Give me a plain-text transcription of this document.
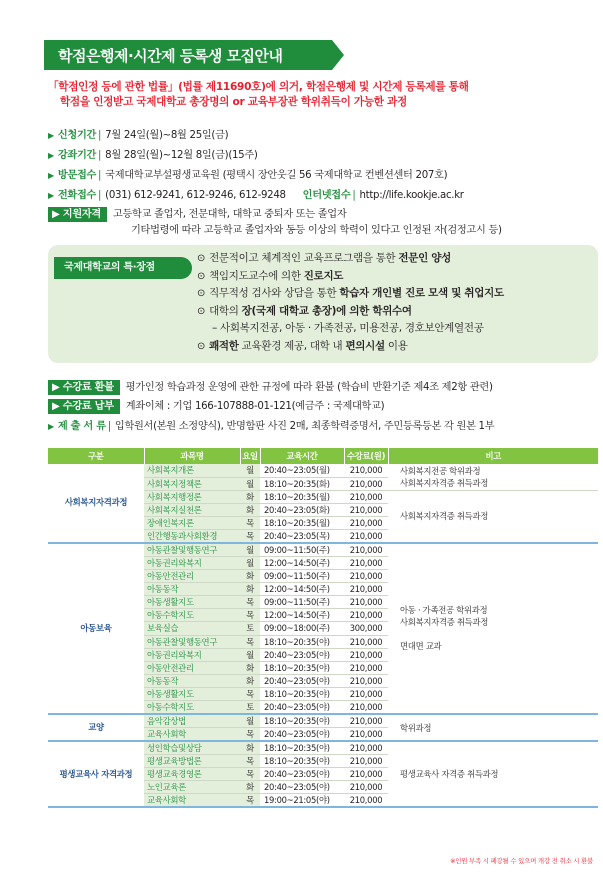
학점은행제·시간제 등록생 모집안내
「학점인정 등에 관한 법률」(법률 제11690호)에 의거, 학점은행제 및 시간제 등록제를 통해
학점을 인정받고 국제대학교 총장명의 or 교육부장관 학위취득이 가능한 과정
▶ 신청기간 | 7월 24일(월)~8월 25일(금)
▶ 강좌기간 | 8월 28일(월)~12월 8일(금)(15주)
▶ 방문접수 | 국제대학교부설평생교육원 (평택시 장안웃길 56 국제대학교 컨벤션센터 207호)
▶ 전화접수 | (031) 612-9241, 612-9246, 612-9248 인터넷접수 | http://life.kookje.ac.kr
▶ 지원자격 고등학교 졸업자, 전문대학, 대학교 중퇴자 또는 졸업자
기타법령에 따라 고등학교 졸업자와 동등 이상의 학력이 있다고 인정된 자(검정고시 등)
국제대학교의 특·장점
⊙ 전문적이고 체계적인 교육프로그램을 통한 전문인 양성
⊙ 책임지도교수에 의한 진로지도
⊙ 직무적성 검사와 상담을 통한 학습자 개인별 진로 모색 및 취업지도
⊙ 대학의 장(국제 대학교 총장)에 의한 학위수여
– 사회복지전공, 아동 · 가족전공, 미용전공, 경호보안계열전공
⊙ 쾌적한 교육환경 제공, 대학 내 편의시설 이용
▶ 수강료 환불 평가인정 학습과정 운영에 관한 규정에 따라 환불 (학습비 반환기준 제4조 제2항 관련)
▶ 수강료 납부 계좌이체 : 기업 166-107888-01-121(예금주 : 국제대학교)
▶ 제 출 서 류 | 입학원서(본원 소정양식), 반명함판 사진 2매, 최종학력증명서, 주민등록등본 각 원본 1부
구분	과목명	요일	교육시간	수강료(원)	비고
사회복지자격과정	사회복지개론	월	20:40~23:05(월)	210,000	사회복지전공 학위과정
사회복지자격증 취득과정

	사회복지정책론	월	18:10~20:35(화)	210,000	
	사회복지행정론	화	18:10~20:35(월)	210,000	사회복지자격증 취득과정

	사회복지실천론	화	20:40~23:05(화)	210,000	
	장애인복지론	목	18:10~20:35(월)	210,000	
	인간행동과사회환경	목	20:40~23:05(목)	210,000	
아동보육	아동관찰및행동연구	월	09:00~11:50(주)	210,000	아동 · 가족전공 학위과정
사회복지자격증 취득과정

면대면 교과

	아동권리와복지	월	12:00~14:50(주)	210,000	
	아동안전관리	화	09:00~11:50(주)	210,000	
	아동동작	화	12:00~14:50(주)	210,000	
	아동생활지도	목	09:00~11:50(주)	210,000	
	아동수학지도	목	12:00~14:50(주)	210,000	
	보육실습	토	09:00~18:00(주)	300,000	
	아동관찰및행동연구	목	18:10~20:35(야)	210,000	
	아동권리와복지	월	20:40~23:05(야)	210,000	
	아동안전관리	화	18:10~20:35(야)	210,000	
	아동동작	화	20:40~23:05(야)	210,000	
	아동생활지도	목	18:10~20:35(야)	210,000	
	아동수학지도	토	20:40~23:05(야)	210,000	
교양	음악감상법	월	18:10~20:35(야)	210,000	학위과정

	교육사회학	목	20:40~23:05(야)	210,000	
평생교육사 자격과정	성인학습및상담	화	18:10~20:35(야)	210,000	평생교육사 자격증 취득과정

	평생교육방법론	목	18:10~20:35(야)	210,000	
	평생교육경영론	목	20:40~23:05(야)	210,000	
	노인교육론	화	20:40~23:05(야)	210,000	
	교육사회학	목	19:00~21:05(야)	210,000	
※인원 부족 시 폐강될 수 있으며 개강 전 취소 시 환불
